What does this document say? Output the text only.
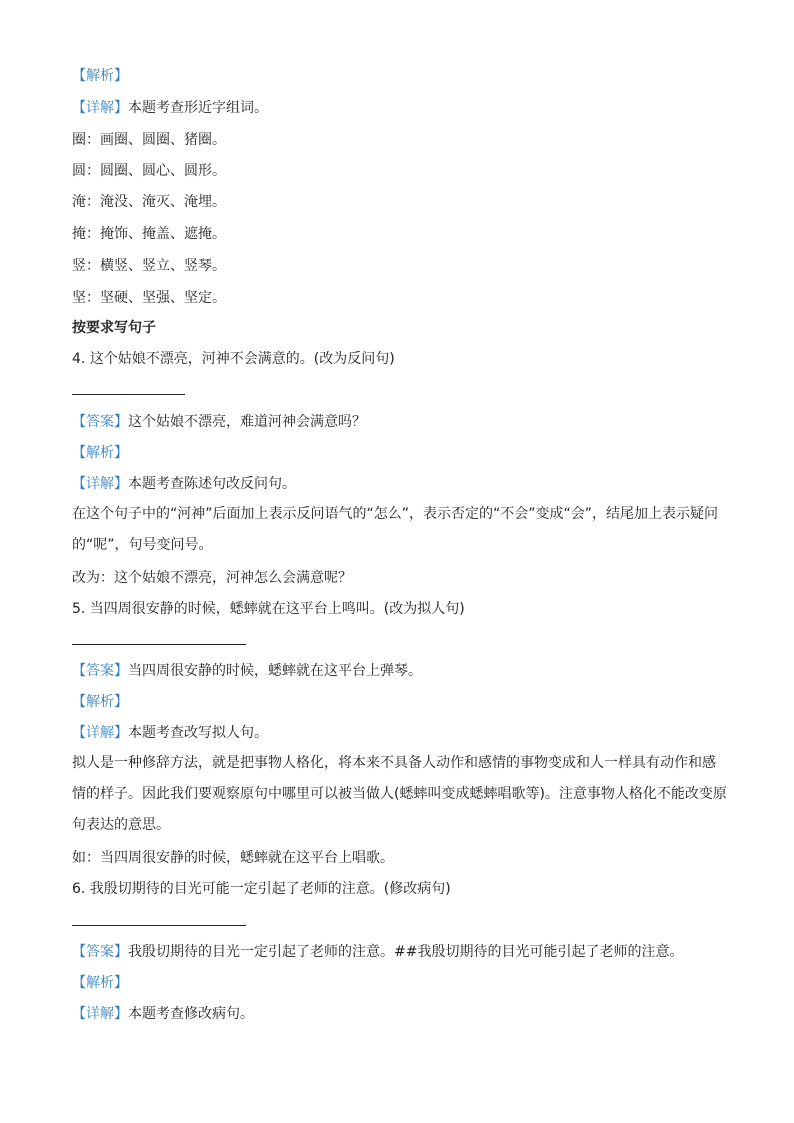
【解析】
【详解】本题考查形近字组词。
圈：画圈、圆圈、猪圈。
圆：圆圈、圆心、圆形。
淹：淹没、淹灭、淹埋。
掩：掩饰、掩盖、遮掩。
竖：横竖、竖立、竖琴。
坚：坚硬、坚强、坚定。
按要求写句子
4. 这个姑娘不漂亮，河神不会满意的。(改为反问句)
【答案】这个姑娘不漂亮，难道河神会满意吗？
【解析】
【详解】本题考查陈述句改反问句。
在这个句子中的“河神”后面加上表示反问语气的“怎么”，表示否定的“不会”变成“会”，结尾加上表示疑问的“呢”，句号变问号。
改为：这个姑娘不漂亮，河神怎么会满意呢？
5. 当四周很安静的时候，蟋蟀就在这平台上鸣叫。(改为拟人句)
【答案】当四周很安静的时候，蟋蟀就在这平台上弹琴。
【解析】
【详解】本题考查改写拟人句。
拟人是一种修辞方法，就是把事物人格化，将本来不具备人动作和感情的事物变成和人一样具有动作和感情的样子。因此我们要观察原句中哪里可以被当做人(蟋蟀叫变成蟋蟀唱歌等)。注意事物人格化不能改变原句表达的意思。
如：当四周很安静的时候，蟋蟀就在这平台上唱歌。
6. 我殷切期待的目光可能一定引起了老师的注意。(修改病句)
【答案】我殷切期待的目光一定引起了老师的注意。##我殷切期待的目光可能引起了老师的注意。
【解析】
【详解】本题考查修改病句。
